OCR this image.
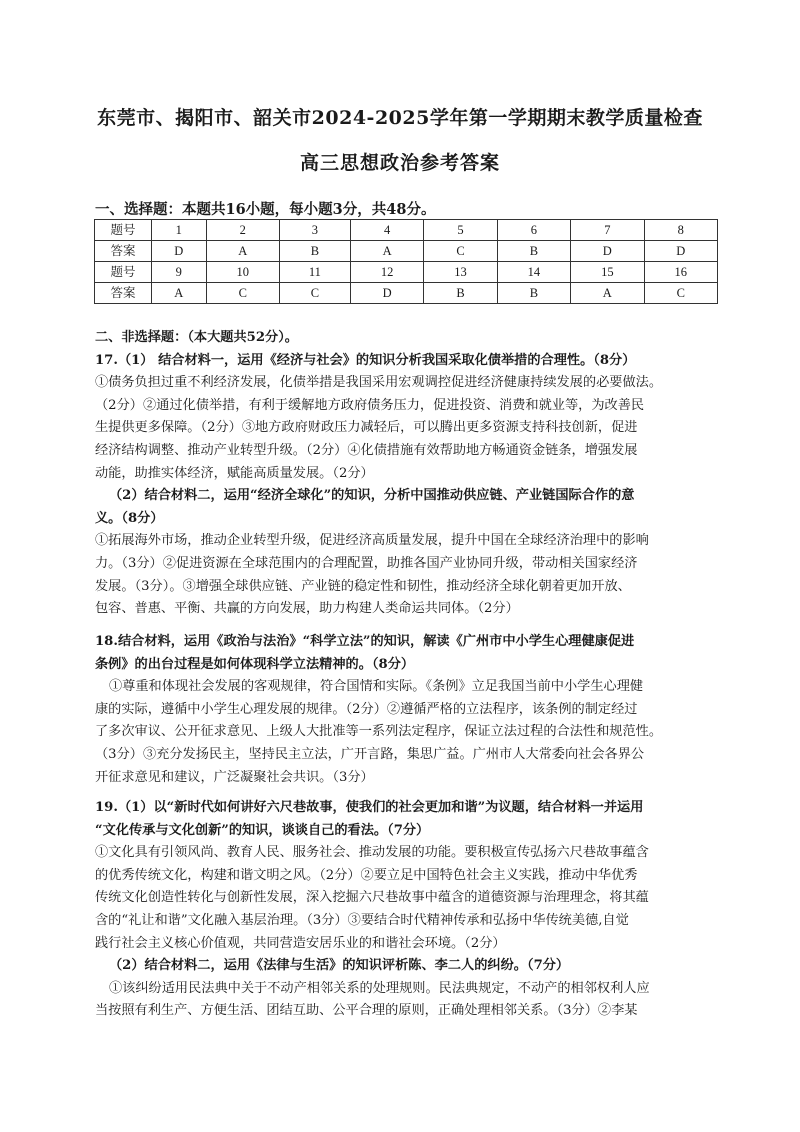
东莞市、揭阳市、韶关市2024-2025学年第一学期期末教学质量检查
高三思想政治参考答案
一、选择题：本题共16小题，每小题3分，共48分。
题号	1	2	3	4	5	6	7	8
答案	D	A	B	A	C	B	D	D
题号	9	10	11	12	13	14	15	16
答案	A	C	C	D	B	B	A	C

二、非选择题：（本大题共52分）。

17.（1） 结合材料一，运用《经济与社会》的知识分析我国采取化债举措的合理性。（8分）

①债务负担过重不利经济发展，化债举措是我国采用宏观调控促进经济健康持续发展的必要做法。

（2分）②通过化债举措，有利于缓解地方政府债务压力，促进投资、消费和就业等，为改善民

生提供更多保障。（2分）③地方政府财政压力减轻后，可以腾出更多资源支持科技创新，促进

经济结构调整、推动产业转型升级。（2分）④化债措施有效帮助地方畅通资金链条，增强发展

动能，助推实体经济，赋能高质量发展。（2分）

（2）结合材料二，运用“经济全球化”的知识，分析中国推动供应链、产业链国际合作的意

义。（8分）

①拓展海外市场，推动企业转型升级，促进经济高质量发展，提升中国在全球经济治理中的影响

力。（3分）②促进资源在全球范围内的合理配置，助推各国产业协同升级，带动相关国家经济

发展。（3分）。③增强全球供应链、产业链的稳定性和韧性，推动经济全球化朝着更加开放、

包容、普惠、平衡、共赢的方向发展，助力构建人类命运共同体。（2分）

18.结合材料，运用《政治与法治》“科学立法”的知识，解读《广州市中小学生心理健康促进

条例》的出台过程是如何体现科学立法精神的。（8分）

①尊重和体现社会发展的客观规律，符合国情和实际。《条例》立足我国当前中小学生心理健

康的实际，遵循中小学生心理发展的规律。（2分）②遵循严格的立法程序，该条例的制定经过

了多次审议、公开征求意见、上级人大批准等一系列法定程序，保证立法过程的合法性和规范性。

（3分）③充分发扬民主，坚持民主立法，广开言路，集思广益。广州市人大常委向社会各界公

开征求意见和建议，广泛凝聚社会共识。（3分）

19.（1）以“新时代如何讲好六尺巷故事，使我们的社会更加和谐”为议题，结合材料一并运用

“文化传承与文化创新”的知识，谈谈自己的看法。（7分）

①文化具有引领风尚、教育人民、服务社会、推动发展的功能。要积极宣传弘扬六尺巷故事蕴含

的优秀传统文化，构建和谐文明之风。（2分）②要立足中国特色社会主义实践，推动中华优秀

传统文化创造性转化与创新性发展，深入挖掘六尺巷故事中蕴含的道德资源与治理理念，将其蕴

含的“礼让和谐”文化融入基层治理。（3分）③要结合时代精神传承和弘扬中华传统美德,自觉

践行社会主义核心价值观，共同营造安居乐业的和谐社会环境。（2分）

（2）结合材料二，运用《法律与生活》的知识评析陈、李二人的纠纷。（7分）

①该纠纷适用民法典中关于不动产相邻关系的处理规则。民法典规定，不动产的相邻权利人应

当按照有利生产、方便生活、团结互助、公平合理的原则，正确处理相邻关系。（3分）②李某
